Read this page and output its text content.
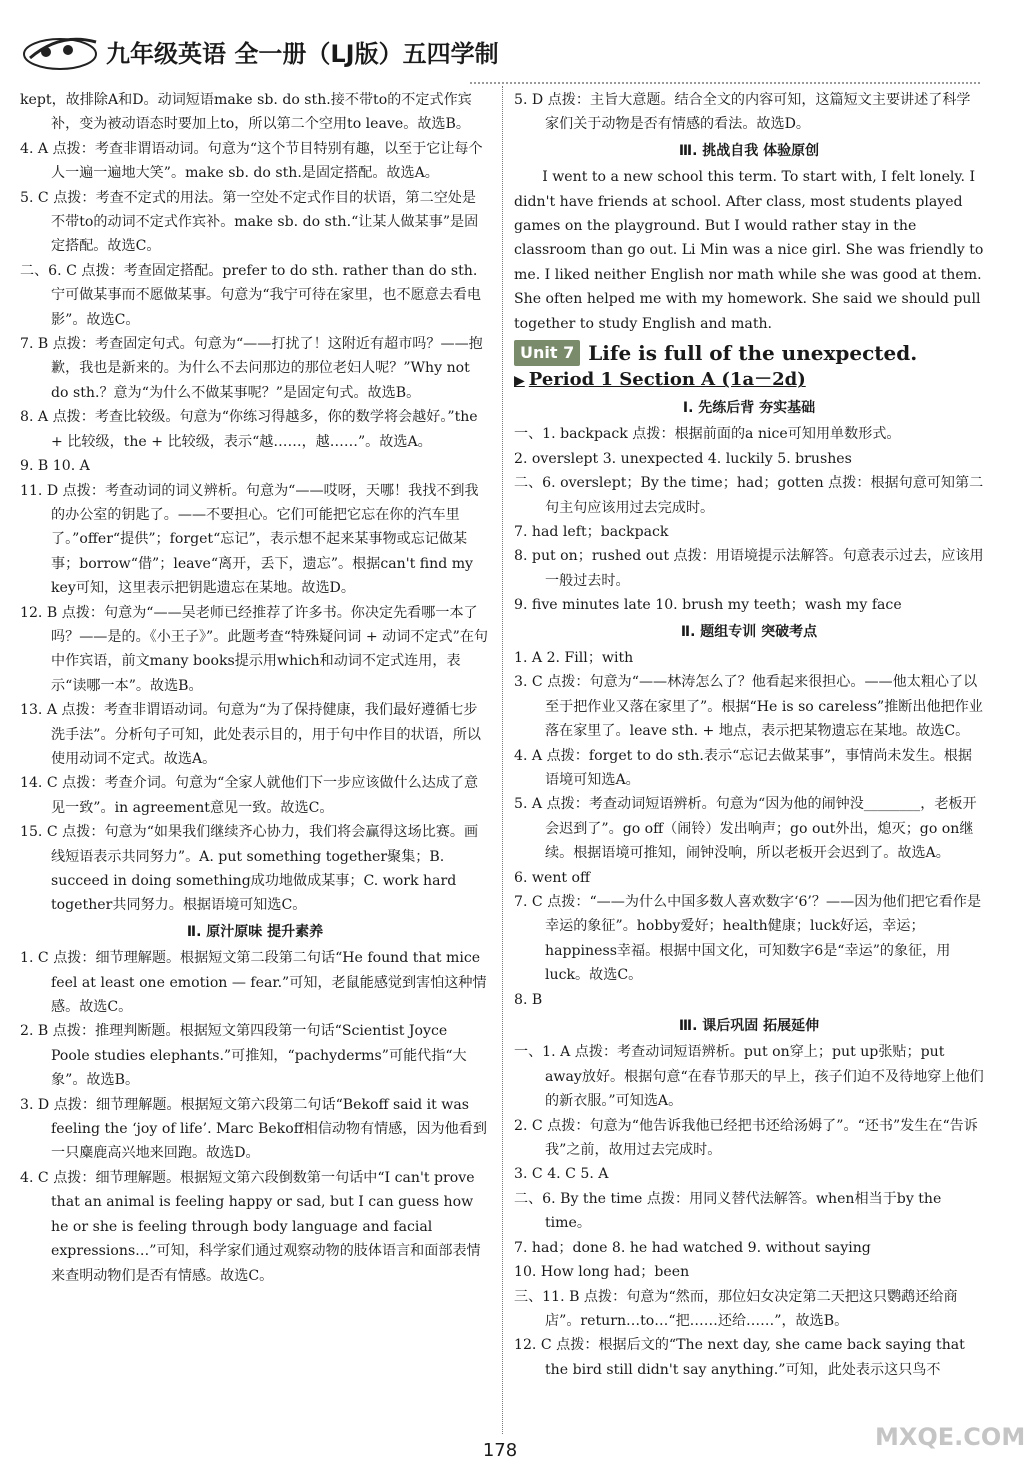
九年级英语 全一册（LJ版）五四学制

kept，故排除A和D。动词短语make sb. do sth.接不带to的不定式作宾补，变为被动语态时要加上to，所以第二个空用to leave。故选B。

4. A 点拨：考查非谓语动词。句意为“这个节目特别有趣，以至于它让每个人一遍一遍地大笑”。make sb. do sth.是固定搭配。故选A。

5. C 点拨：考查不定式的用法。第一空处不定式作目的状语，第二空处是不带to的动词不定式作宾补。make sb. do sth.“让某人做某事”是固定搭配。故选C。

二、6. C 点拨：考查固定搭配。prefer to do sth. rather than do sth.宁可做某事而不愿做某事。句意为“我宁可待在家里，也不愿意去看电影”。故选C。

7. B 点拨：考查固定句式。句意为“——打扰了！这附近有超市吗？——抱歉，我也是新来的。为什么不去问那边的那位老妇人呢？”Why not do sth.？意为“为什么不做某事呢？”是固定句式。故选B。

8. A 点拨：考查比较级。句意为“你练习得越多，你的数学将会越好。”the + 比较级，the + 比较级，表示“越……，越……”。故选A。

9. B 10. A

11. D 点拨：考查动词的词义辨析。句意为“——哎呀，天哪！我找不到我的办公室的钥匙了。——不要担心。它们可能把它忘在你的汽车里了。”offer“提供”；forget“忘记”，表示想不起来某事物或忘记做某事；borrow“借”；leave“离开，丢下，遗忘”。根据can't find my key可知，这里表示把钥匙遗忘在某地。故选D。

12. B 点拨：句意为“——吴老师已经推荐了许多书。你决定先看哪一本了吗？——是的。《小王子》”。此题考查“特殊疑问词 + 动词不定式”在句中作宾语，前文many books提示用which和动词不定式连用，表示“读哪一本”。故选B。

13. A 点拨：考查非谓语动词。句意为“为了保持健康，我们最好遵循七步洗手法”。分析句子可知，此处表示目的，用于句中作目的状语，所以使用动词不定式。故选A。

14. C 点拨：考查介词。句意为“全家人就他们下一步应该做什么达成了意见一致”。in agreement意见一致。故选C。

15. C 点拨：句意为“如果我们继续齐心协力，我们将会赢得这场比赛。画线短语表示共同努力”。A. put something together聚集；B. succeed in doing something成功地做成某事；C. work hard together共同努力。根据语境可知选C。

Ⅱ. 原汁原味 提升素养

1. C 点拨：细节理解题。根据短文第二段第二句话“He found that mice feel at least one emotion — fear.”可知，老鼠能感觉到害怕这种情感。故选C。

2. B 点拨：推理判断题。根据短文第四段第一句话“Scientist Joyce Poole studies elephants.”可推知，“pachyderms”可能代指“大象”。故选B。

3. D 点拨：细节理解题。根据短文第六段第二句话“Bekoff said it was feeling the ‘joy of life’. Marc Bekoff相信动物有情感，因为他看到一只麋鹿高兴地来回跑。故选D。

4. C 点拨：细节理解题。根据短文第六段倒数第一句话中“I can't prove that an animal is feeling happy or sad, but I can guess how he or she is feeling through body language and facial expressions…”可知，科学家们通过观察动物的肢体语言和面部表情来查明动物们是否有情感。故选C。

5. D 点拨：主旨大意题。结合全文的内容可知，这篇短文主要讲述了科学家们关于动物是否有情感的看法。故选D。

Ⅲ. 挑战自我 体验原创

I went to a new school this term. To start with, I felt lonely. I didn't have friends at school. After class, most students played games on the playground. But I would rather stay in the classroom than go out. Li Min was a nice girl. She was friendly to me. I liked neither English nor math while she was good at them. She often helped me with my homework. She said we should pull together to study English and math.

Unit 7 Life is full of the unexpected.
▶ Period 1 Section A (1a－2d)
Ⅰ. 先练后背 夯实基础

一、1. backpack 点拨：根据前面的a nice可知用单数形式。

2. overslept 3. unexpected 4. luckily 5. brushes

二、6. overslept；By the time；had；gotten 点拨：根据句意可知第二句主句应该用过去完成时。

7. had left；backpack

8. put on；rushed out 点拨：用语境提示法解答。句意表示过去，应该用一般过去时。

9. five minutes late 10. brush my teeth；wash my face

Ⅱ. 题组专训 突破考点

1. A 2. Fill；with

3. C 点拨：句意为“——林涛怎么了？他看起来很担心。——他太粗心了以至于把作业又落在家里了”。根据“He is so careless”推断出他把作业落在家里了。leave sth. + 地点，表示把某物遗忘在某地。故选C。

4. A 点拨：forget to do sth.表示“忘记去做某事”，事情尚未发生。根据语境可知选A。

5. A 点拨：考查动词短语辨析。句意为“因为他的闹钟没________，老板开会迟到了”。go off（闹铃）发出响声；go out外出，熄灭；go on继续。根据语境可推知，闹钟没响，所以老板开会迟到了。故选A。

6. went off

7. C 点拨：“——为什么中国多数人喜欢数字‘6’？——因为他们把它看作是幸运的象征”。hobby爱好；health健康；luck好运，幸运；happiness幸福。根据中国文化，可知数字6是“幸运”的象征，用luck。故选C。

8. B

Ⅲ. 课后巩固 拓展延伸

一、1. A 点拨：考查动词短语辨析。put on穿上；put up张贴；put away放好。根据句意“在春节那天的早上，孩子们迫不及待地穿上他们的新衣服。”可知选A。

2. C 点拨：句意为“他告诉我他已经把书还给汤姆了”。“还书”发生在“告诉我”之前，故用过去完成时。

3. C 4. C 5. A

二、6. By the time 点拨：用同义替代法解答。when相当于by the time。

7. had；done 8. he had watched 9. without saying

10. How long had；been

三、11. B 点拨：句意为“然而，那位妇女决定第二天把这只鹦鹉还给商店”。return…to…“把……还给……”，故选B。

12. C 点拨：根据后文的“The next day, she came back saying that the bird still didn't say anything.”可知，此处表示这只鸟不

178	MXQE.COM
